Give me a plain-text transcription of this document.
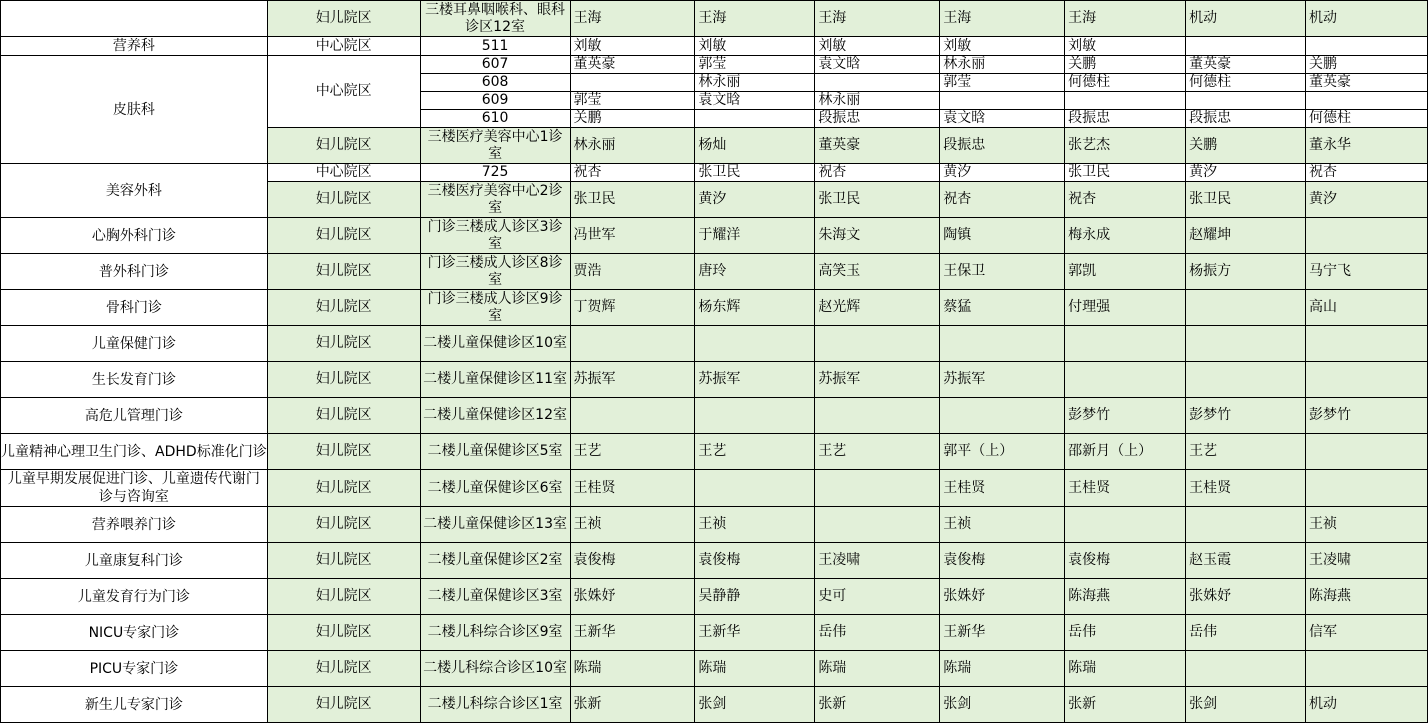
	妇儿院区	三楼耳鼻咽喉科、眼科诊区12室	王海	王海	王海	王海	王海	机动	机动
营养科	中心院区	511	刘敏	刘敏	刘敏	刘敏	刘敏		
皮肤科	中心院区	607	董英豪	郭莹	袁文晗	林永丽	关鹏	董英豪	关鹏
		608		林永丽		郭莹	何德柱	何德柱	董英豪
		609	郭莹	袁文晗	林永丽				
		610	关鹏		段振忠	袁文晗	段振忠	段振忠	何德柱
	妇儿院区	三楼医疗美容中心1诊室	林永丽	杨灿	董英豪	段振忠	张艺杰	关鹏	董永华
美容外科	中心院区	725	祝杏	张卫民	祝杏	黄汐	张卫民	黄汐	祝杏
	妇儿院区	三楼医疗美容中心2诊室	张卫民	黄汐	张卫民	祝杏	祝杏	张卫民	黄汐
心胸外科门诊	妇儿院区	门诊三楼成人诊区3诊室	冯世军	于耀洋	朱海文	陶镇	梅永成	赵耀坤	
普外科门诊	妇儿院区	门诊三楼成人诊区8诊室	贾浩	唐玲	高笑玉	王保卫	郭凯	杨振方	马宁飞
骨科门诊	妇儿院区	门诊三楼成人诊区9诊室	丁贺辉	杨东辉	赵光辉	蔡猛	付理强		高山
儿童保健门诊	妇儿院区	二楼儿童保健诊区10室							
生长发育门诊	妇儿院区	二楼儿童保健诊区11室	苏振军	苏振军	苏振军	苏振军			
高危儿管理门诊	妇儿院区	二楼儿童保健诊区12室					彭梦竹	彭梦竹	彭梦竹
儿童精神心理卫生门诊、ADHD标准化门诊	妇儿院区	二楼儿童保健诊区5室	王艺	王艺	王艺	郭平（上）	邵新月（上）	王艺	
儿童早期发展促进门诊、儿童遗传代谢门诊与咨询室	妇儿院区	二楼儿童保健诊区6室	王桂贤			王桂贤	王桂贤	王桂贤	
营养喂养门诊	妇儿院区	二楼儿童保健诊区13室	王祯	王祯		王祯			王祯
儿童康复科门诊	妇儿院区	二楼儿童保健诊区2室	袁俊梅	袁俊梅	王凌啸	袁俊梅	袁俊梅	赵玉霞	王凌啸
儿童发育行为门诊	妇儿院区	二楼儿童保健诊区3室	张姝妤	吴静静	史可	张姝妤	陈海燕	张姝妤	陈海燕
NICU专家门诊	妇儿院区	二楼儿科综合诊区9室	王新华	王新华	岳伟	王新华	岳伟	岳伟	信军
PICU专家门诊	妇儿院区	二楼儿科综合诊区10室	陈瑞	陈瑞	陈瑞	陈瑞	陈瑞		
新生儿专家门诊	妇儿院区	二楼儿科综合诊区1室	张新	张剑	张新	张剑	张新	张剑	机动
